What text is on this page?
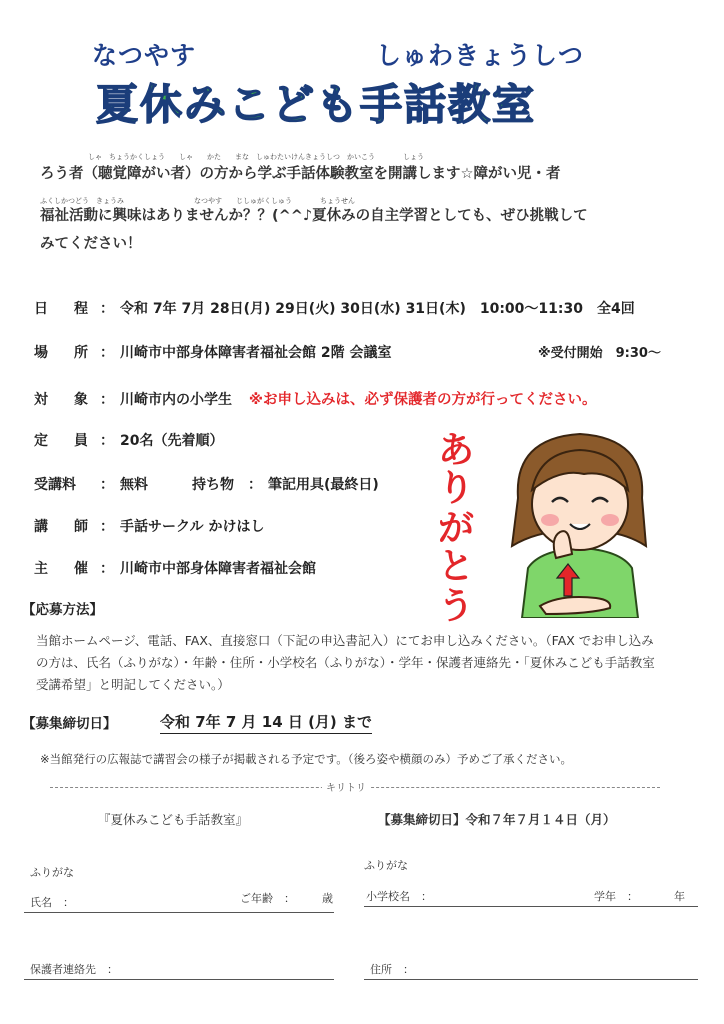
なつやす	しゅわきょうしつ
夏休みこども手話教室
しゃ　ちょうかくしょう　　しゃ　　かた　　まな　しゅわたいけんきょうしつ　かいこう　　　　しょう
ろう者（聴覚障がい者）の方から学ぶ手話体験教室を開講します☆障がい児・者
ふくしかつどう　きょうみ　　　　　　　　　　なつやす　　じしゅがくしゅう　　　　ちょうせん
福祉活動に興味はありませんか？？(^^♪夏休みの自主学習としても、ぜひ挑戦して
みてください！
日　程 ： 令和 7年 7月 28日(月) 29日(火) 30日(水) 31日(木)　10:00～11:30　全4回
場　所 ： 川崎市中部身体障害者福祉会館 2階 会議室	※受付開始　9:30～
対　象 ： 川崎市内の小学生 ※お申し込みは、必ず保護者の方が行ってください。
定　員 ： 20名（先着順）
受講料 ： 無料	持ち物 ： 筆記用具(最終日)
講　師 ： 手話サークル かけはし
主　催 ： 川崎市中部身体障害者福祉会館
あ
り
が
と
う
【応募方法】
当館ホームページ、電話、FAX、直接窓口（下記の申込書記入）にてお申し込みください。（FAX でお申し込みの方は、氏名（ふりがな）・年齢・住所・小学校名（ふりがな）・学年・保護者連絡先・「夏休みこども手話教室受講希望」と明記してください。）
【募集締切日】	令和 7年 7 月 14 日 (月) まで
※当館発行の広報誌で講習会の様子が掲載される予定です。（後ろ姿や横顔のみ）予めご了承ください。
キリトリ
『夏休みこども手話教室』	【募集締切日】令和７年７月１４日（月）
ふりがな
ふりがな
氏名　：	ご年齢　： 歳	小学校名　：	学年　：	年
保護者連絡先　：	住所　：
